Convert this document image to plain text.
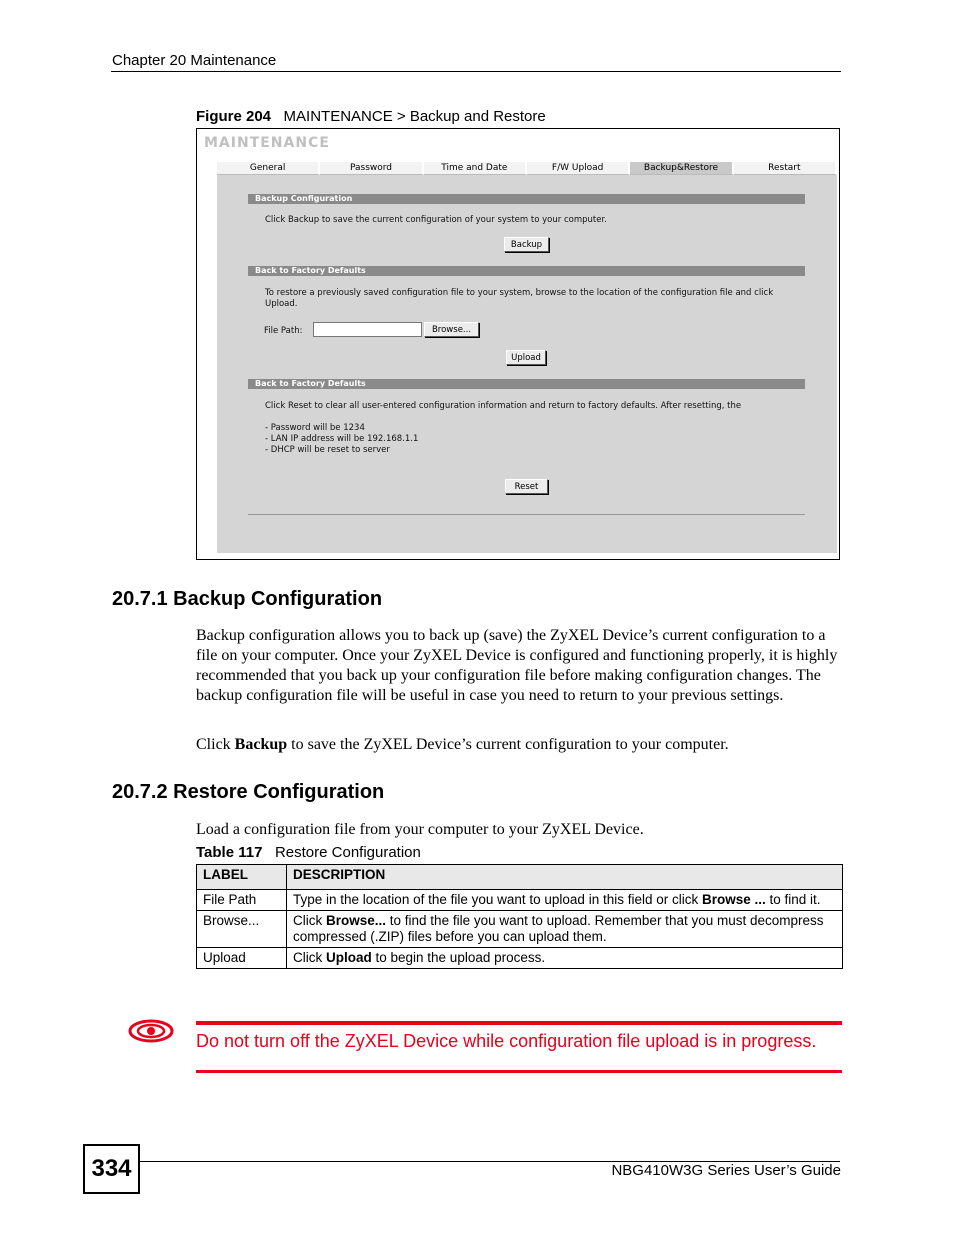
Chapter 20 Maintenance
Figure 204 MAINTENANCE > Backup and Restore
MAINTENANCE
General	Password	Time and Date	F/W Upload	Backup&Restore	Restart
Backup Configuration
Click Backup to save the current configuration of your system to your computer.
Backup
Back to Factory Defaults
To restore a previously saved configuration file to your system, browse to the location of the configuration file and click Upload.
File Path:	Browse...
Upload
Back to Factory Defaults
Click Reset to clear all user-entered configuration information and return to factory defaults. After resetting, the
- Password will be 1234
- LAN IP address will be 192.168.1.1
- DHCP will be reset to server
Reset
20.7.1 Backup Configuration

Backup configuration allows you to back up (save) the ZyXEL Device’s current configuration to a file on your computer. Once your ZyXEL Device is configured and functioning properly, it is highly recommended that you back up your configuration file before making configuration changes. The backup configuration file will be useful in case you need to return to your previous settings.

Click Backup to save the ZyXEL Device’s current configuration to your computer.

20.7.2 Restore Configuration

Load a configuration file from your computer to your ZyXEL Device.

Table 117 Restore Configuration
LABEL	DESCRIPTION
File Path	Type in the location of the file you want to upload in this field or click Browse ... to find it.
Browse...	Click Browse... to find the file you want to upload. Remember that you must decompress compressed (.ZIP) files before you can upload them.
Upload	Click Upload to begin the upload process.
Do not turn off the ZyXEL Device while configuration file upload is in progress.
334	NBG410W3G Series User’s Guide
